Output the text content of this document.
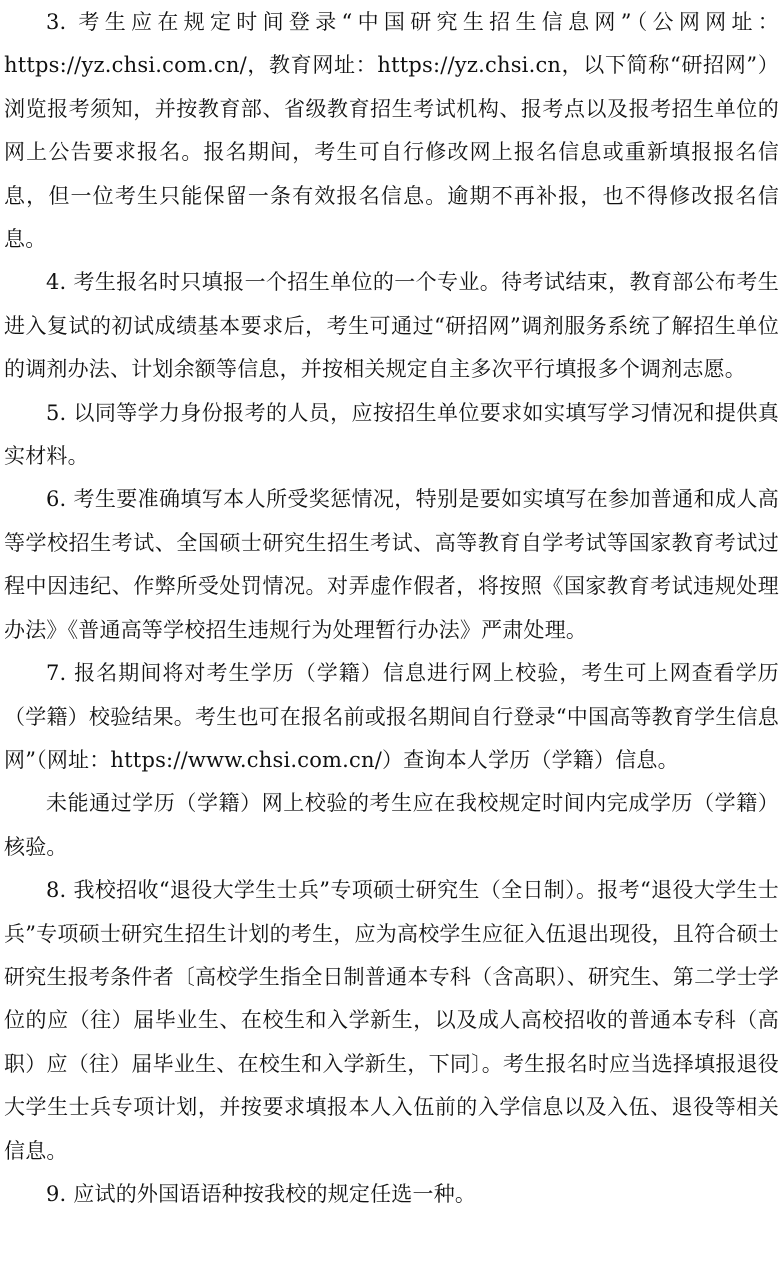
3. 考生应在规定时间登录“中国研究生招生信息网”（公网网址：https://yz.chsi.com.cn/，教育网址：https://yz.chsi.cn，以下简称“研招网”）浏览报考须知，并按教育部、省级教育招生考试机构、报考点以及报考招生单位的网上公告要求报名。报名期间，考生可自行修改网上报名信息或重新填报报名信息，但一位考生只能保留一条有效报名信息。逾期不再补报，也不得修改报名信息。

4. 考生报名时只填报一个招生单位的一个专业。待考试结束，教育部公布考生进入复试的初试成绩基本要求后，考生可通过“研招网”调剂服务系统了解招生单位的调剂办法、计划余额等信息，并按相关规定自主多次平行填报多个调剂志愿。

5. 以同等学力身份报考的人员，应按招生单位要求如实填写学习情况和提供真实材料。

6. 考生要准确填写本人所受奖惩情况，特别是要如实填写在参加普通和成人高等学校招生考试、全国硕士研究生招生考试、高等教育自学考试等国家教育考试过程中因违纪、作弊所受处罚情况。对弄虚作假者，将按照《国家教育考试违规处理办法》《普通高等学校招生违规行为处理暂行办法》严肃处理。

7. 报名期间将对考生学历（学籍）信息进行网上校验，考生可上网查看学历（学籍）校验结果。考生也可在报名前或报名期间自行登录“中国高等教育学生信息网”（网址：https://www.chsi.com.cn/）查询本人学历（学籍）信息。

未能通过学历（学籍）网上校验的考生应在我校规定时间内完成学历（学籍）核验。

8. 我校招收“退役大学生士兵”专项硕士研究生（全日制）。报考“退役大学生士兵”专项硕士研究生招生计划的考生，应为高校学生应征入伍退出现役，且符合硕士研究生报考条件者〔高校学生指全日制普通本专科（含高职）、研究生、第二学士学位的应（往）届毕业生、在校生和入学新生，以及成人高校招收的普通本专科（高职）应（往）届毕业生、在校生和入学新生，下同〕。考生报名时应当选择填报退役大学生士兵专项计划，并按要求填报本人入伍前的入学信息以及入伍、退役等相关信息。

9. 应试的外国语语种按我校的规定任选一种。
